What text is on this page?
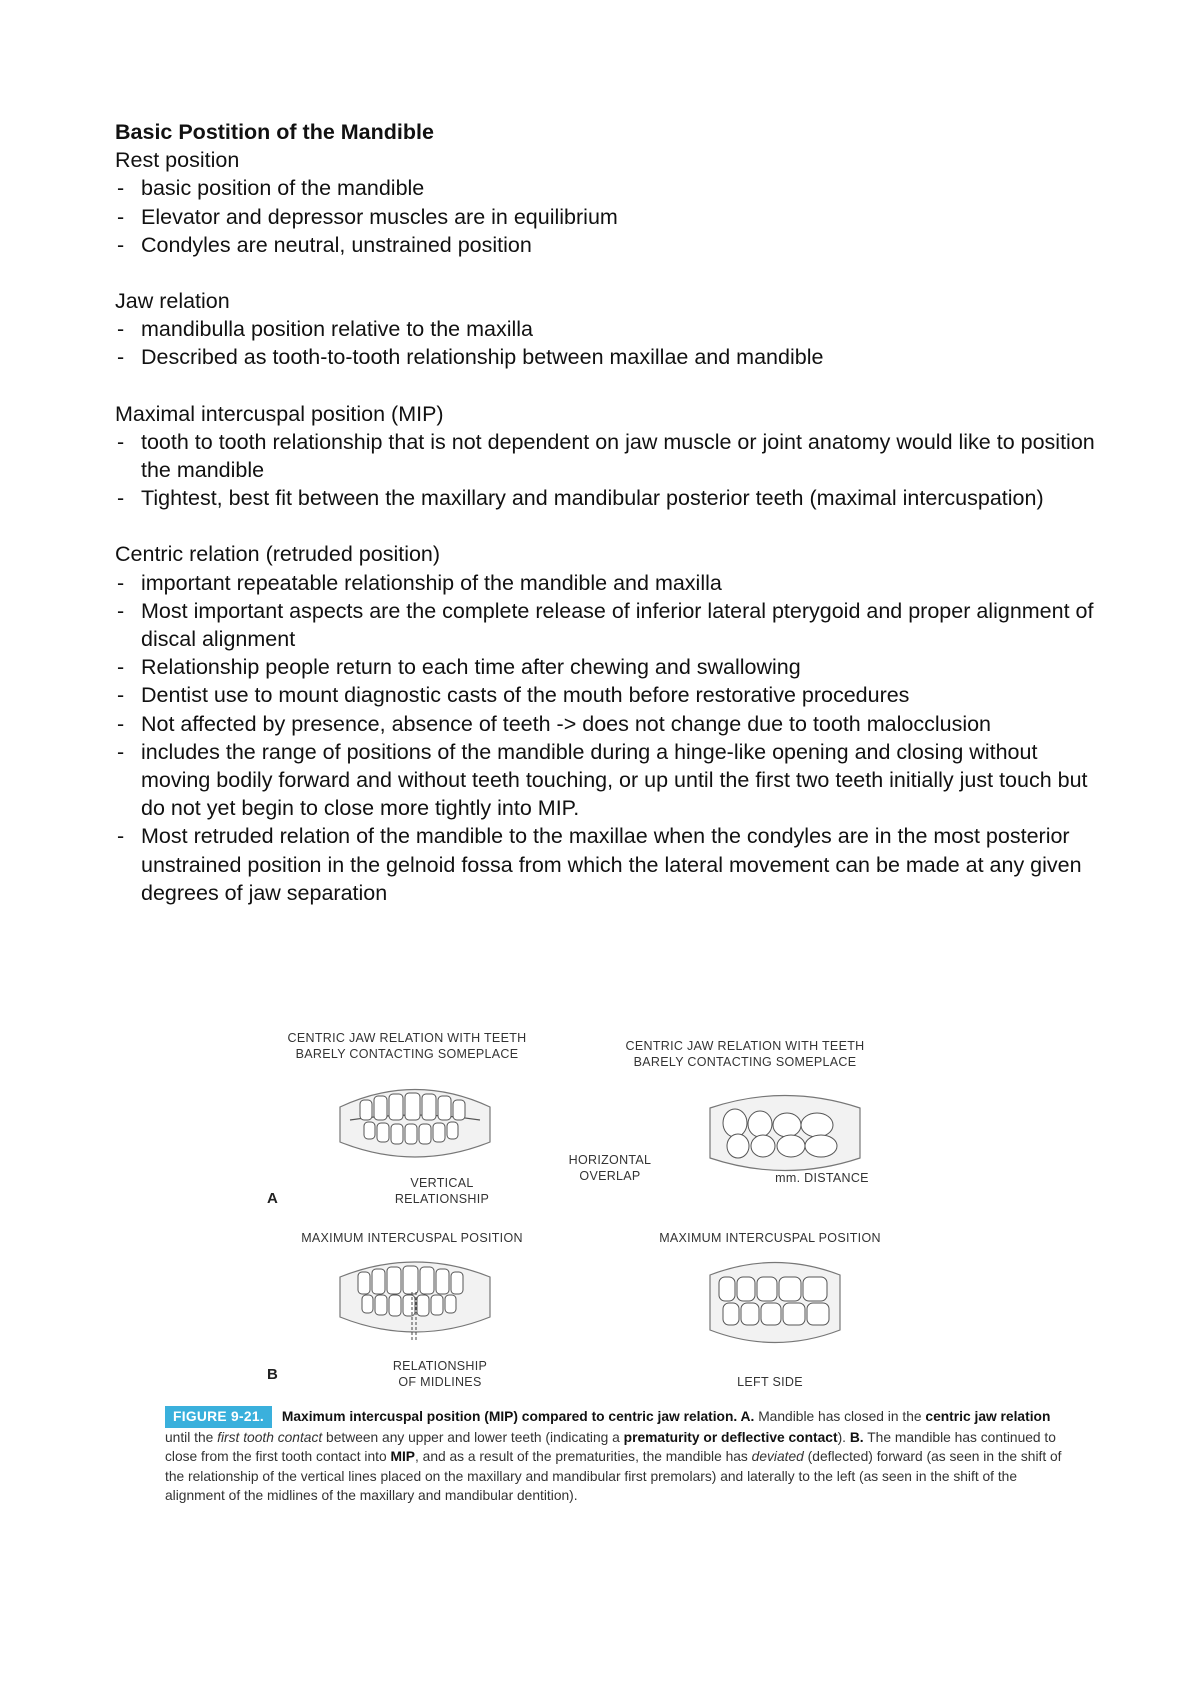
Basic Postition of the Mandible
Rest position
- basic position of the mandible
- Elevator and depressor muscles are in equilibrium
- Condyles are neutral, unstrained position
Jaw relation
- mandibulla position relative to the maxilla
- Described as tooth-to-tooth relationship between maxillae and mandible
Maximal intercuspal position (MIP)
- tooth to tooth relationship that is not dependent on jaw muscle or joint anatomy would like to position the mandible
- Tightest, best fit between the maxillary and mandibular posterior teeth (maximal intercuspation)
Centric relation (retruded position)
- important repeatable relationship of the mandible and maxilla
- Most important aspects are the complete release of inferior lateral pterygoid and proper alignment of discal alignment
- Relationship people return to each time after chewing and swallowing
- Dentist use to mount diagnostic casts of the mouth before restorative procedures
- Not affected by presence, absence of teeth -> does not change due to tooth malocclusion
- includes the range of positions of the mandible during a hinge-like opening and closing without moving bodily forward and without teeth touching, or up until the first two teeth initially just touch but do not yet begin to close more tightly into MIP.
- Most retruded relation of the mandible to the maxillae when the condyles are in the most posterior unstrained position in the gelnoid fossa from which the lateral movement can be made at any given degrees of jaw separation
CENTRIC JAW RELATION WITH TEETH
BARELY CONTACTING SOMEPLACE
VERTICAL
RELATIONSHIP
A
CENTRIC JAW RELATION WITH TEETH
BARELY CONTACTING SOMEPLACE
HORIZONTAL
OVERLAP	mm. DISTANCE
MAXIMUM INTERCUSPAL POSITION
RELATIONSHIP
OF MIDLINES
B
MAXIMUM INTERCUSPAL POSITION
LEFT SIDE
FIGURE 9-21. Maximum intercuspal position (MIP) compared to centric jaw relation. A. Mandible has closed in the centric jaw relation until the first tooth contact between any upper and lower teeth (indicating a prematurity or deflective contact). B. The mandible has continued to close from the first tooth contact into MIP, and as a result of the prematurities, the mandible has deviated (deflected) forward (as seen in the shift of the relationship of the vertical lines placed on the maxillary and mandibular first premolars) and laterally to the left (as seen in the shift of the alignment of the midlines of the maxillary and mandibular dentition).
